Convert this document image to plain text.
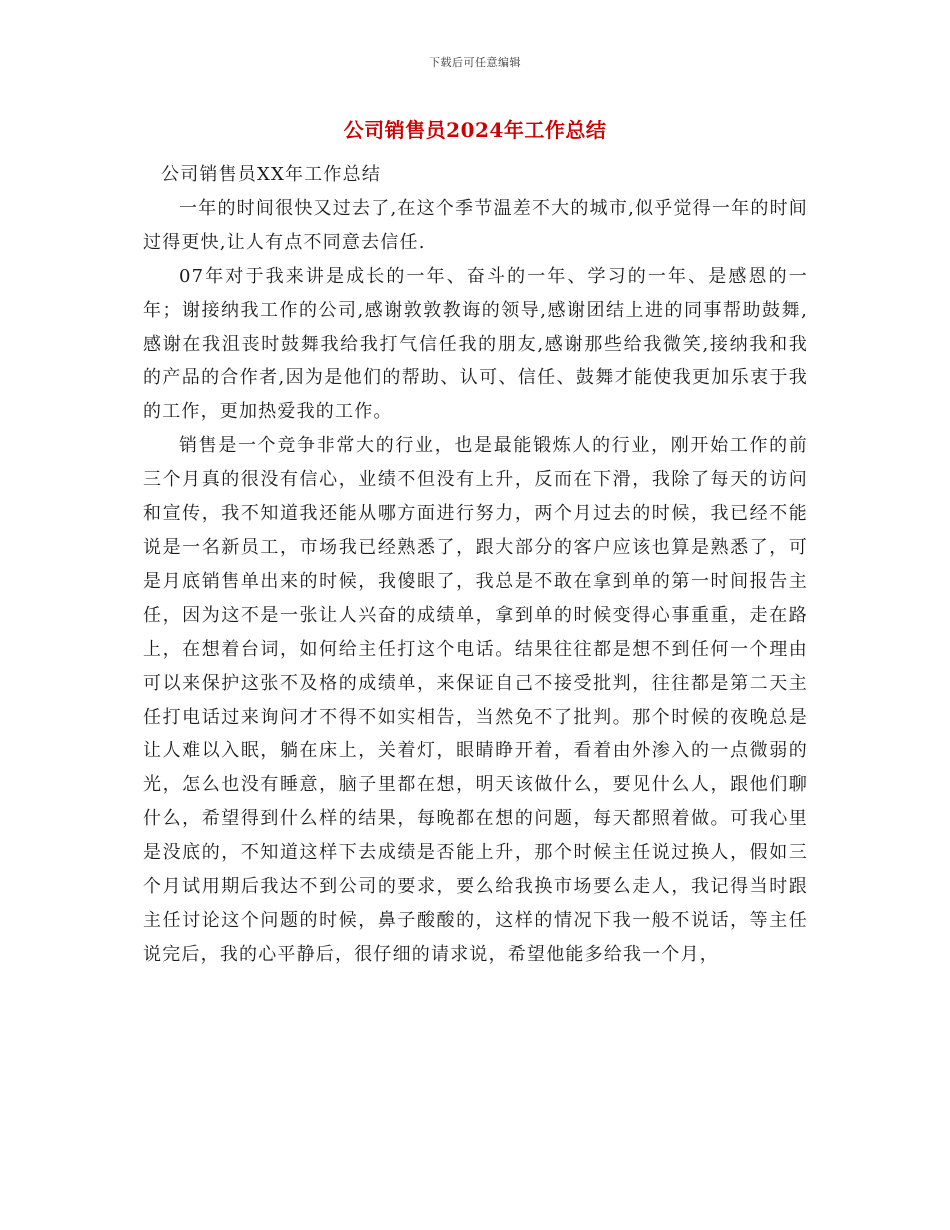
下载后可任意编辑
公司销售员2024年工作总结

公司销售员XX年工作总结

一年的时间很快又过去了,在这个季节温差不大的城市,似乎觉得一年的时间过得更快,让人有点不同意去信任.

07年对于我来讲是成长的一年、奋斗的一年、学习的一年、是感恩的一年；谢接纳我工作的公司,感谢敦敦教诲的领导,感谢团结上进的同事帮助鼓舞,感谢在我沮丧时鼓舞我给我打气信任我的朋友,感谢那些给我微笑,接纳我和我的产品的合作者,因为是他们的帮助、认可、信任、鼓舞才能使我更加乐衷于我的工作，更加热爱我的工作。

销售是一个竞争非常大的行业，也是最能锻炼人的行业，刚开始工作的前三个月真的很没有信心，业绩不但没有上升，反而在下滑，我除了每天的访问和宣传，我不知道我还能从哪方面进行努力，两个月过去的时候，我已经不能说是一名新员工，市场我已经熟悉了，跟大部分的客户应该也算是熟悉了，可是月底销售单出来的时候，我傻眼了，我总是不敢在拿到单的第一时间报告主任，因为这不是一张让人兴奋的成绩单，拿到单的时候变得心事重重，走在路上，在想着台词，如何给主任打这个电话。结果往往都是想不到任何一个理由可以来保护这张不及格的成绩单，来保证自己不接受批判，往往都是第二天主任打电话过来询问才不得不如实相告，当然免不了批判。那个时候的夜晚总是让人难以入眠，躺在床上，关着灯，眼睛睁开着，看着由外渗入的一点微弱的光，怎么也没有睡意，脑子里都在想，明天该做什么，要见什么人，跟他们聊什么，希望得到什么样的结果，每晚都在想的问题，每天都照着做。可我心里是没底的，不知道这样下去成绩是否能上升，那个时候主任说过换人，假如三个月试用期后我达不到公司的要求，要么给我换市场要么走人，我记得当时跟主任讨论这个问题的时候，鼻子酸酸的，这样的情况下我一般不说话，等主任说完后，我的心平静后，很仔细的请求说，希望他能多给我一个月，
